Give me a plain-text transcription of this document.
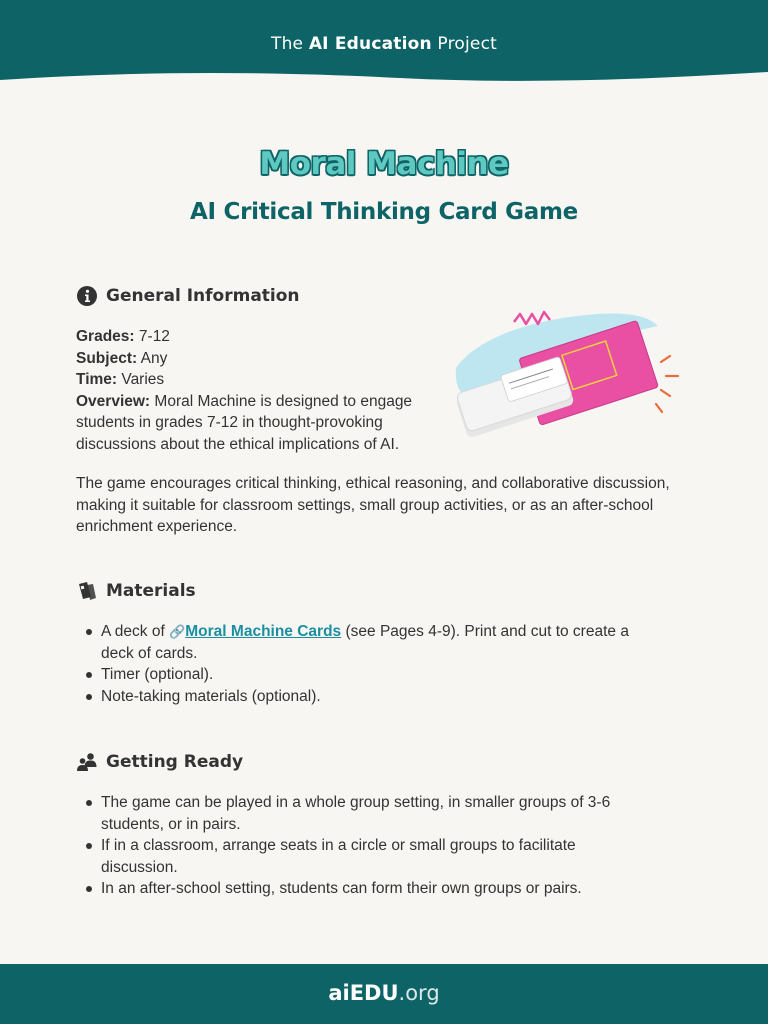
The AI Education Project
Moral Machine
AI Critical Thinking Card Game
General Information
Grades: 7-12
Subject: Any
Time: Varies
Overview: Moral Machine is designed to engage students in grades 7-12 in thought-provoking discussions about the ethical implications of AI.
The game encourages critical thinking, ethical reasoning, and collaborative discussion, making it suitable for classroom settings, small group activities, or as an after-school enrichment experience.
Materials
A deck of 🔗Moral Machine Cards (see Pages 4-9). Print and cut to create a deck of cards.
Timer (optional).
Note-taking materials (optional).
Getting Ready
The game can be played in a whole group setting, in smaller groups of 3-6 students, or in pairs.
If in a classroom, arrange seats in a circle or small groups to facilitate discussion.
In an after-school setting, students can form their own groups or pairs.
aiEDU.org
